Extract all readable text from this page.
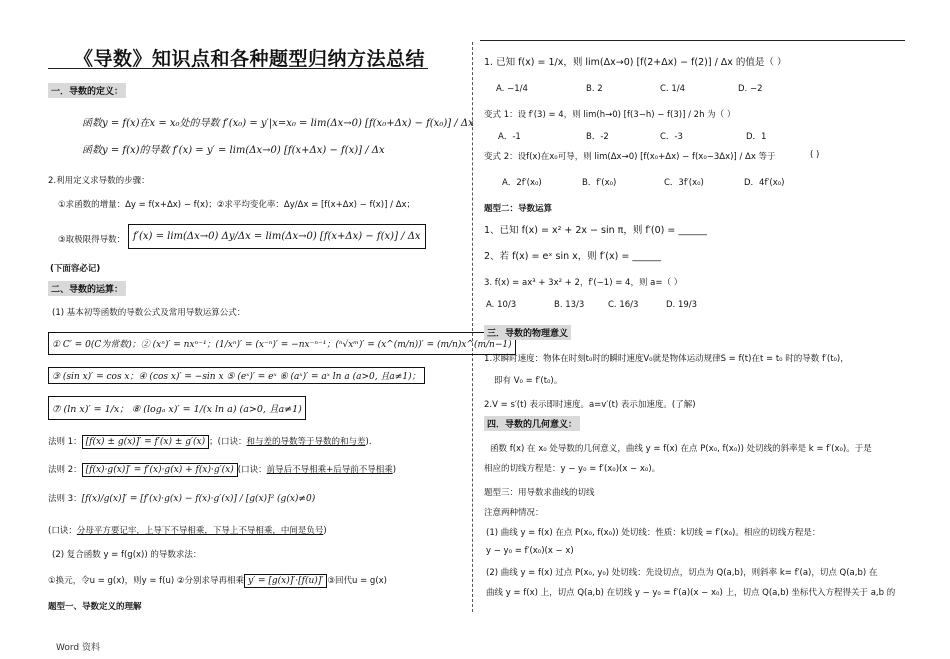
《导数》知识点和各种题型归纳方法总结
一．导数的定义：
函数y = f(x)在x = x₀处的导数 f′(x₀) = y′|x=x₀ = lim(Δx→0) [f(x₀+Δx) − f(x₀)] / Δx
函数y = f(x)的导数 f′(x) = y′ = lim(Δx→0) [f(x+Δx) − f(x)] / Δx
2.利用定义求导数的步骤：
①求函数的增量：Δy = f(x+Δx) − f(x)；②求平均变化率：Δy/Δx = [f(x+Δx) − f(x)] / Δx；
③取极限得导数： f′(x) = lim(Δx→0) Δy/Δx = lim(Δx→0) [f(x+Δx) − f(x)] / Δx
(下面容必记)
二、导数的运算：
(1) 基本初等函数的导数公式及常用导数运算公式：
① C′ = 0(C为常数)；② (xⁿ)′ = nxⁿ⁻¹；(1/xⁿ)′ = (x⁻ⁿ)′ = −nx⁻ⁿ⁻¹；(ⁿ√xᵐ)′ = (x^(m/n))′ = (m/n)x^(m/n−1)
③ (sin x)′ = cos x；④ (cos x)′ = −sin x ⑤ (eˣ)′ = eˣ ⑥ (aˣ)′ = aˣ ln a (a>0, 且a≠1)；
⑦ (ln x)′ = 1/x； ⑧ (logₐ x)′ = 1/(x ln a) (a>0, 且a≠1)
法则 1： [f(x) ± g(x)]′ = f′(x) ± g′(x) ；(口诀：和与差的导数等于导数的和与差).
法则 2： [f(x)·g(x)]′ = f′(x)·g(x) + f(x)·g′(x) (口诀：前导后不导相乘+后导前不导相乘)
法则 3：[f(x)/g(x)]′ = [f′(x)·g(x) − f(x)·g′(x)] / [g(x)]² (g(x)≠0)
(口诀：分母平方要记牢，上导下不导相乘，下导上不导相乘，中间是负号)
(2) 复合函数 y = f(g(x)) 的导数求法：
①换元，令u = g(x)，则y = f(u) ②分别求导再相乘 y′ = [g(x)]′·[f(u)]′ ③回代u = g(x)
题型一、导数定义的理解
1. 已知 f(x) = 1/x，则 lim(Δx→0) [f(2+Δx) − f(2)] / Δx 的值是（ ）
A. −1/4	B. 2	C. 1/4	D. −2
变式 1：设 f′(3) = 4，则 lim(h→0) [f(3−h) − f(3)] / 2h 为（ ）
A．-1	B．-2	C．-3	D．1
变式 2：设f(x)在x₀可导，则 lim(Δx→0) [f(x₀+Δx) − f(x₀−3Δx)] / Δx 等于	( )
A．2f′(x₀)	B．f′(x₀)	C．3f′(x₀)	D．4f′(x₀)
题型二：导数运算
1、已知 f(x) = x² + 2x − sin π，则 f′(0) = ______
2、若 f(x) = eˣ sin x，则 f′(x) = ______
3. f(x) = ax³ + 3x² + 2，f′(−1) = 4，则 a=（ ）
A. 10/3	B. 13/3	C. 16/3	D. 19/3
三．导数的物理意义
1.求瞬时速度：物体在时刻t₀时的瞬时速度V₀就是物体运动规律S = f(t)在t = t₀ 时的导数 f′(t₀)，
即有 V₀ = f′(t₀)。
2.V = s′(t) 表示即时速度。a=v′(t) 表示加速度。(了解)
四．导数的几何意义：
函数 f(x) 在 x₀ 处导数的几何意义，曲线 y = f(x) 在点 P(x₀, f(x₀)) 处切线的斜率是 k = f′(x₀)。于是
相应的切线方程是：y − y₀ = f′(x₀)(x − x₀)。
题型三：用导数求曲线的切线
注意两种情况：
(1) 曲线 y = f(x) 在点 P(x₀, f(x₀)) 处切线：性质：k切线 = f′(x₀)。相应的切线方程是：
y − y₀ = f′(x₀)(x − x)
(2) 曲线 y = f(x) 过点 P(x₀, y₀) 处切线：先设切点，切点为 Q(a,b)，则斜率 k= f′(a)，切点 Q(a,b) 在
曲线 y = f(x) 上，切点 Q(a,b) 在切线 y − y₀ = f′(a)(x − x₀) 上，切点 Q(a,b) 坐标代入方程得关于 a,b 的
Word 资料
